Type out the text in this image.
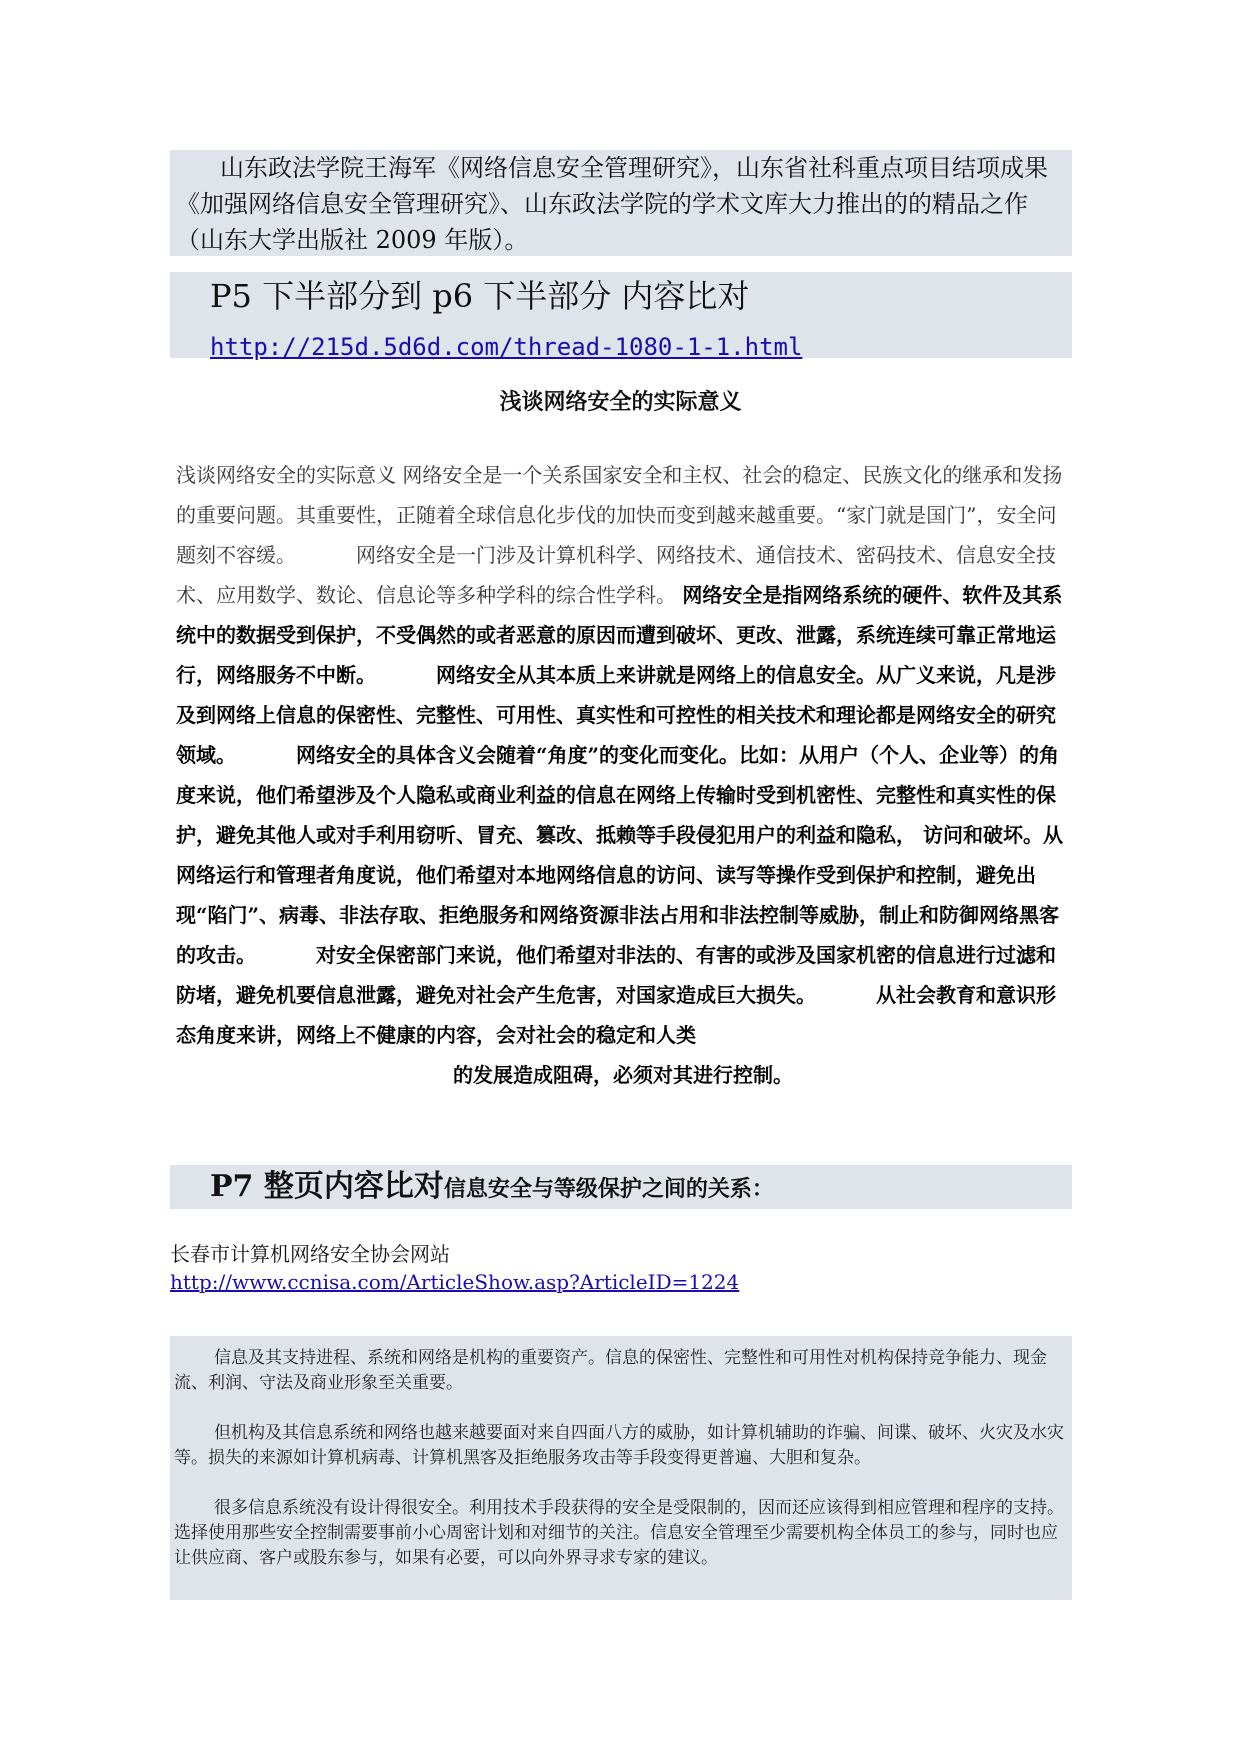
山东政法学院王海军《网络信息安全管理研究》，山东省社科重点项目结项成果《加强网络信息安全管理研究》、山东政法学院的学术文库大力推出的的精品之作（山东大学出版社 2009 年版）。
P5 下半部分到 p6 下半部分 内容比对 http://215d.5d6d.com/thread-1080-1-1.html
浅谈网络安全的实际意义
浅谈网络安全的实际意义 网络安全是一个关系国家安全和主权、社会的稳定、民族文化的继承和发扬的重要问题。其重要性，正随着全球信息化步伐的加快而变到越来越重要。“家门就是国门”，安全问题刻不容缓。	网络安全是一门涉及计算机科学、网络技术、通信技术、密码技术、信息安全技术、应用数学、数论、信息论等多种学科的综合性学科。 网络安全是指网络系统的硬件、软件及其系统中的数据受到保护，不受偶然的或者恶意的原因而遭到破坏、更改、泄露，系统连续可靠正常地运行，网络服务不中断。	网络安全从其本质上来讲就是网络上的信息安全。从广义来说，凡是涉及到网络上信息的保密性、完整性、可用性、真实性和可控性的相关技术和理论都是网络安全的研究领域。	网络安全的具体含义会随着“角度”的变化而变化。比如：从用户（个人、企业等）的角度来说，他们希望涉及个人隐私或商业利益的信息在网络上传输时受到机密性、完整性和真实性的保护，避免其他人或对手利用窃听、冒充、篡改、抵赖等手段侵犯用户的利益和隐私， 访问和破坏。从网络运行和管理者角度说，他们希望对本地网络信息的访问、读写等操作受到保护和控制，避免出现“陷门”、病毒、非法存取、拒绝服务和网络资源非法占用和非法控制等威胁，制止和防御网络黑客的攻击。	对安全保密部门来说，他们希望对非法的、有害的或涉及国家机密的信息进行过滤和防堵，避免机要信息泄露，避免对社会产生危害，对国家造成巨大损失。	从社会教育和意识形态角度来讲，网络上不健康的内容，会对社会的稳定和人类
的发展造成阻碍，必须对其进行控制。
P7 整页内容比对信息安全与等级保护之间的关系：
长春市计算机网络安全协会网站
http://www.ccnisa.com/ArticleShow.asp?ArticleID=1224
信息及其支持进程、系统和网络是机构的重要资产。信息的保密性、完整性和可用性对机构保持竞争能力、现金流、利润、守法及商业形象至关重要。
但机构及其信息系统和网络也越来越要面对来自四面八方的威胁，如计算机辅助的诈骗、间谍、破坏、火灾及水灾等。损失的来源如计算机病毒、计算机黑客及拒绝服务攻击等手段变得更普遍、大胆和复杂。
很多信息系统没有设计得很安全。利用技术手段获得的安全是受限制的，因而还应该得到相应管理和程序的支持。选择使用那些安全控制需要事前小心周密计划和对细节的关注。信息安全管理至少需要机构全体员工的参与，同时也应让供应商、客户或股东参与，如果有必要，可以向外界寻求专家的建议。
